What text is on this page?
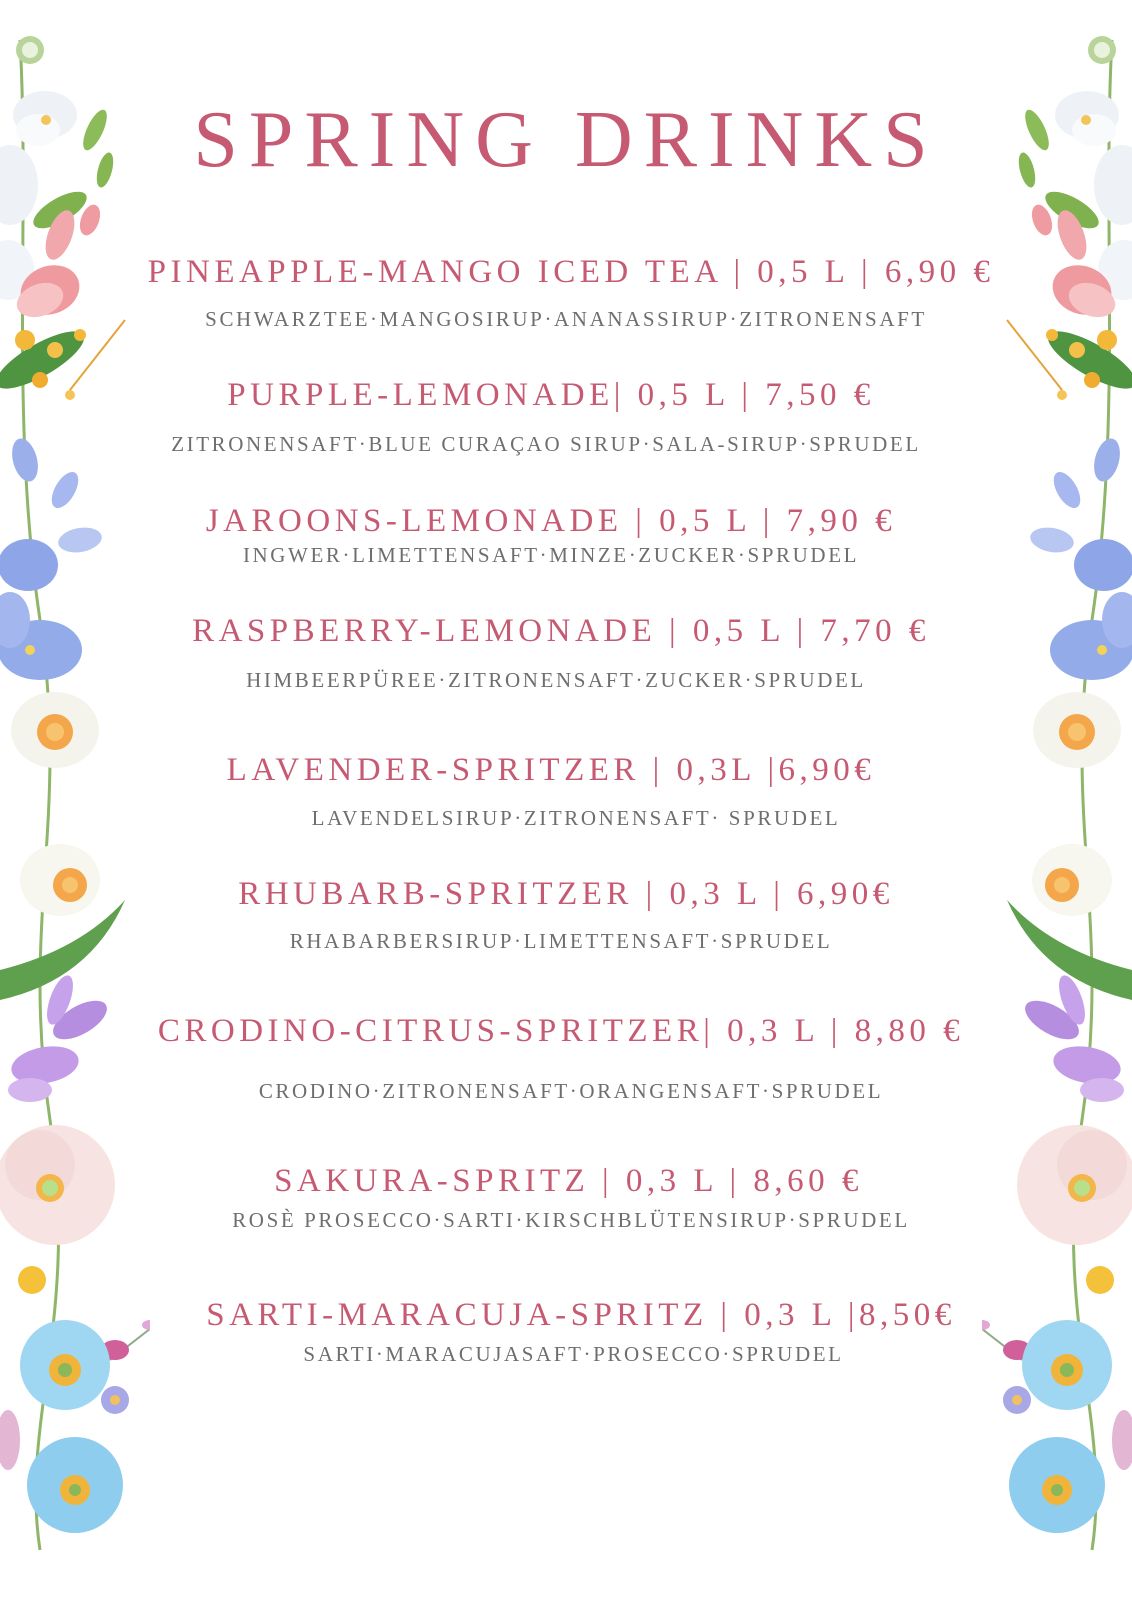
SPRING DRINKS
PINEAPPLE-MANGO ICED TEA | 0,5 L | 6,90 €
SCHWARZTEE·MANGOSIRUP·ANANASSIRUP·ZITRONENSAFT
PURPLE-LEMONADE| 0,5 L | 7,50 €
ZITRONENSAFT·BLUE CURAÇAO SIRUP·SALA-SIRUP·SPRUDEL
JAROONS-LEMONADE | 0,5 L | 7,90 €
INGWER·LIMETTENSAFT·MINZE·ZUCKER·SPRUDEL
RASPBERRY-LEMONADE | 0,5 L | 7,70 €
HIMBEERPÜREE·ZITRONENSAFT·ZUCKER·SPRUDEL
LAVENDER-SPRITZER | 0,3L |6,90€
LAVENDELSIRUP·ZITRONENSAFT· SPRUDEL
RHUBARB-SPRITZER | 0,3 L | 6,90€
RHABARBERSIRUP·LIMETTENSAFT·SPRUDEL
CRODINO-CITRUS-SPRITZER| 0,3 L | 8,80 €
CRODINO·ZITRONENSAFT·ORANGENSAFT·SPRUDEL
SAKURA-SPRITZ | 0,3 L | 8,60 €
ROSÈ PROSECCO·SARTI·KIRSCHBLÜTENSIRUP·SPRUDEL
SARTI-MARACUJA-SPRITZ | 0,3 L |8,50€
SARTI·MARACUJASAFT·PROSECCO·SPRUDEL
